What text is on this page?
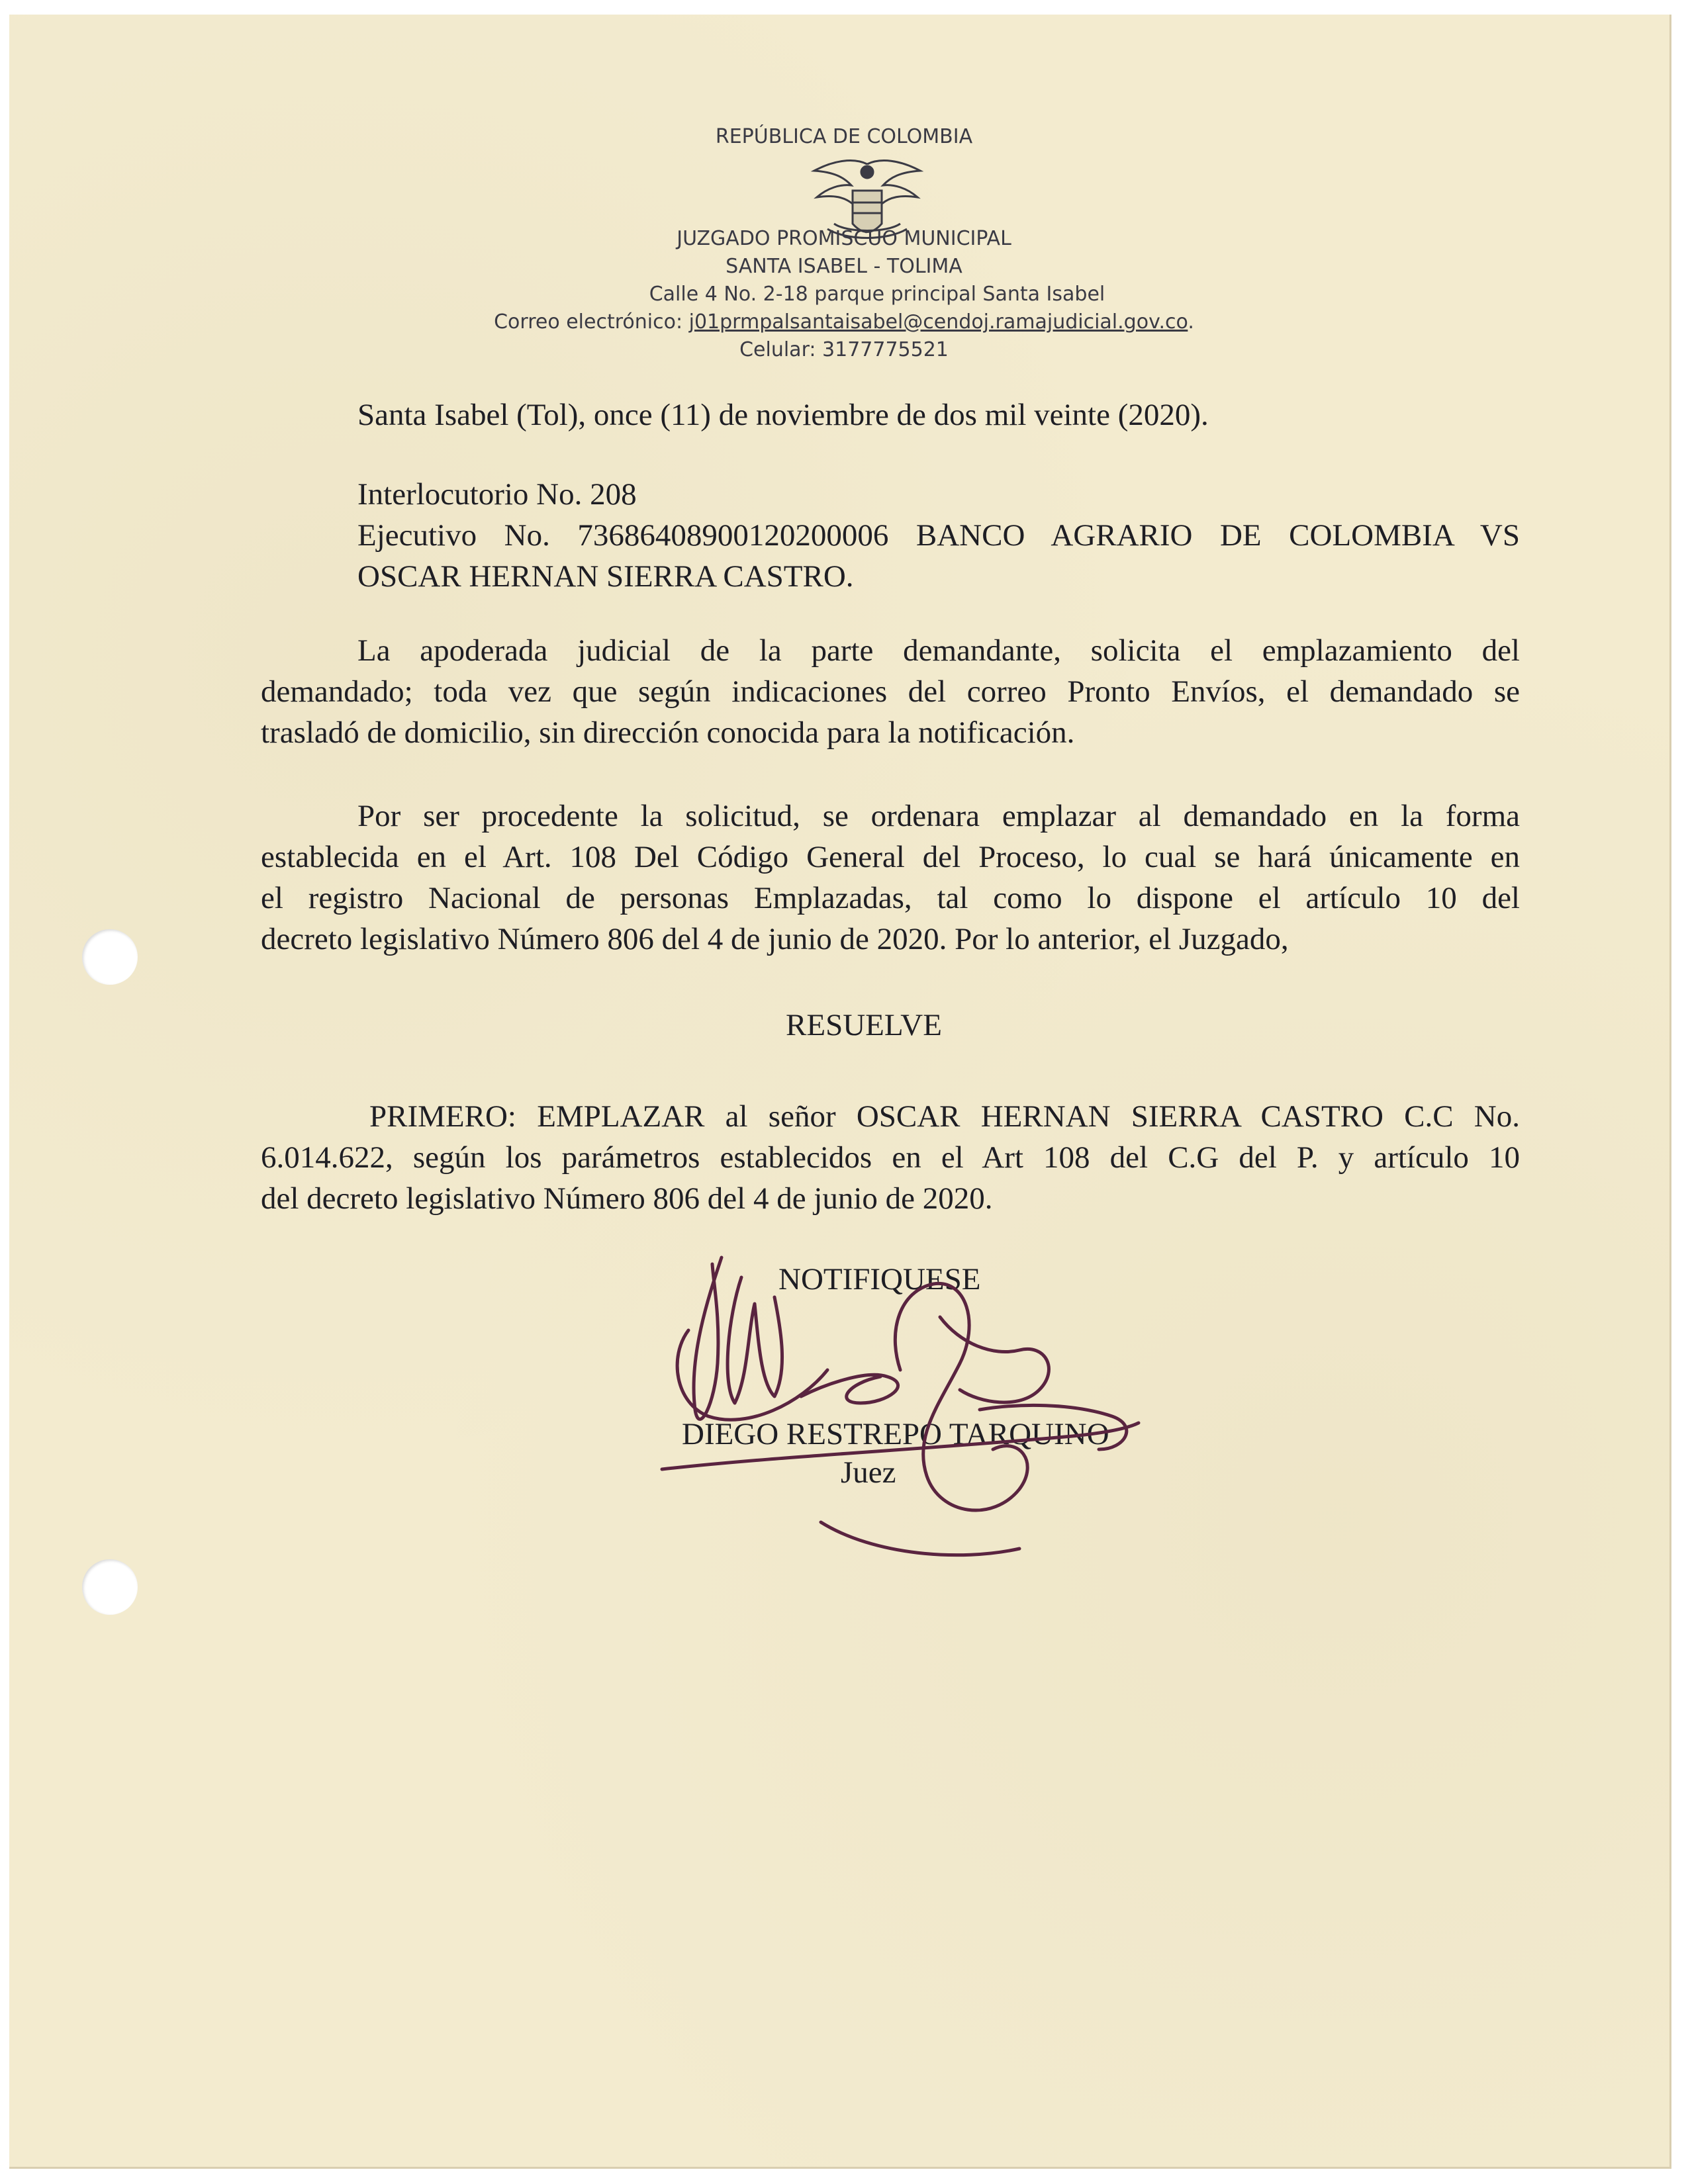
REPÚBLICA DE COLOMBIA
JUZGADO PROMISCUO MUNICIPAL
SANTA ISABEL - TOLIMA
Calle 4 No. 2-18 parque principal Santa Isabel
Correo electrónico: j01prmpalsantaisabel@cendoj.ramajudicial.gov.co.
Celular: 3177775521
Santa Isabel (Tol), once (11) de noviembre de dos mil veinte (2020).
Interlocutorio No. 208
Ejecutivo No. 73686408900120200006 BANCO AGRARIO DE COLOMBIA VS
OSCAR HERNAN SIERRA CASTRO.
La apoderada judicial de la parte demandante, solicita el emplazamiento del
demandado; toda vez que según indicaciones del correo Pronto Envíos, el demandado se
trasladó de domicilio, sin dirección conocida para la notificación.
Por ser procedente la solicitud, se ordenara emplazar al demandado en la forma
establecida en el Art. 108 Del Código General del Proceso, lo cual se hará únicamente en
el registro Nacional de personas Emplazadas, tal como lo dispone el artículo 10 del
decreto legislativo Número 806 del 4 de junio de 2020. Por lo anterior, el Juzgado,
RESUELVE
PRIMERO: EMPLAZAR al señor OSCAR HERNAN SIERRA CASTRO C.C No.
6.014.622, según los parámetros establecidos en el Art 108 del C.G del P. y artículo 10
del decreto legislativo Número 806 del 4 de junio de 2020.
NOTIFIQUESE
DIEGO RESTREPO TARQUINO
Juez
